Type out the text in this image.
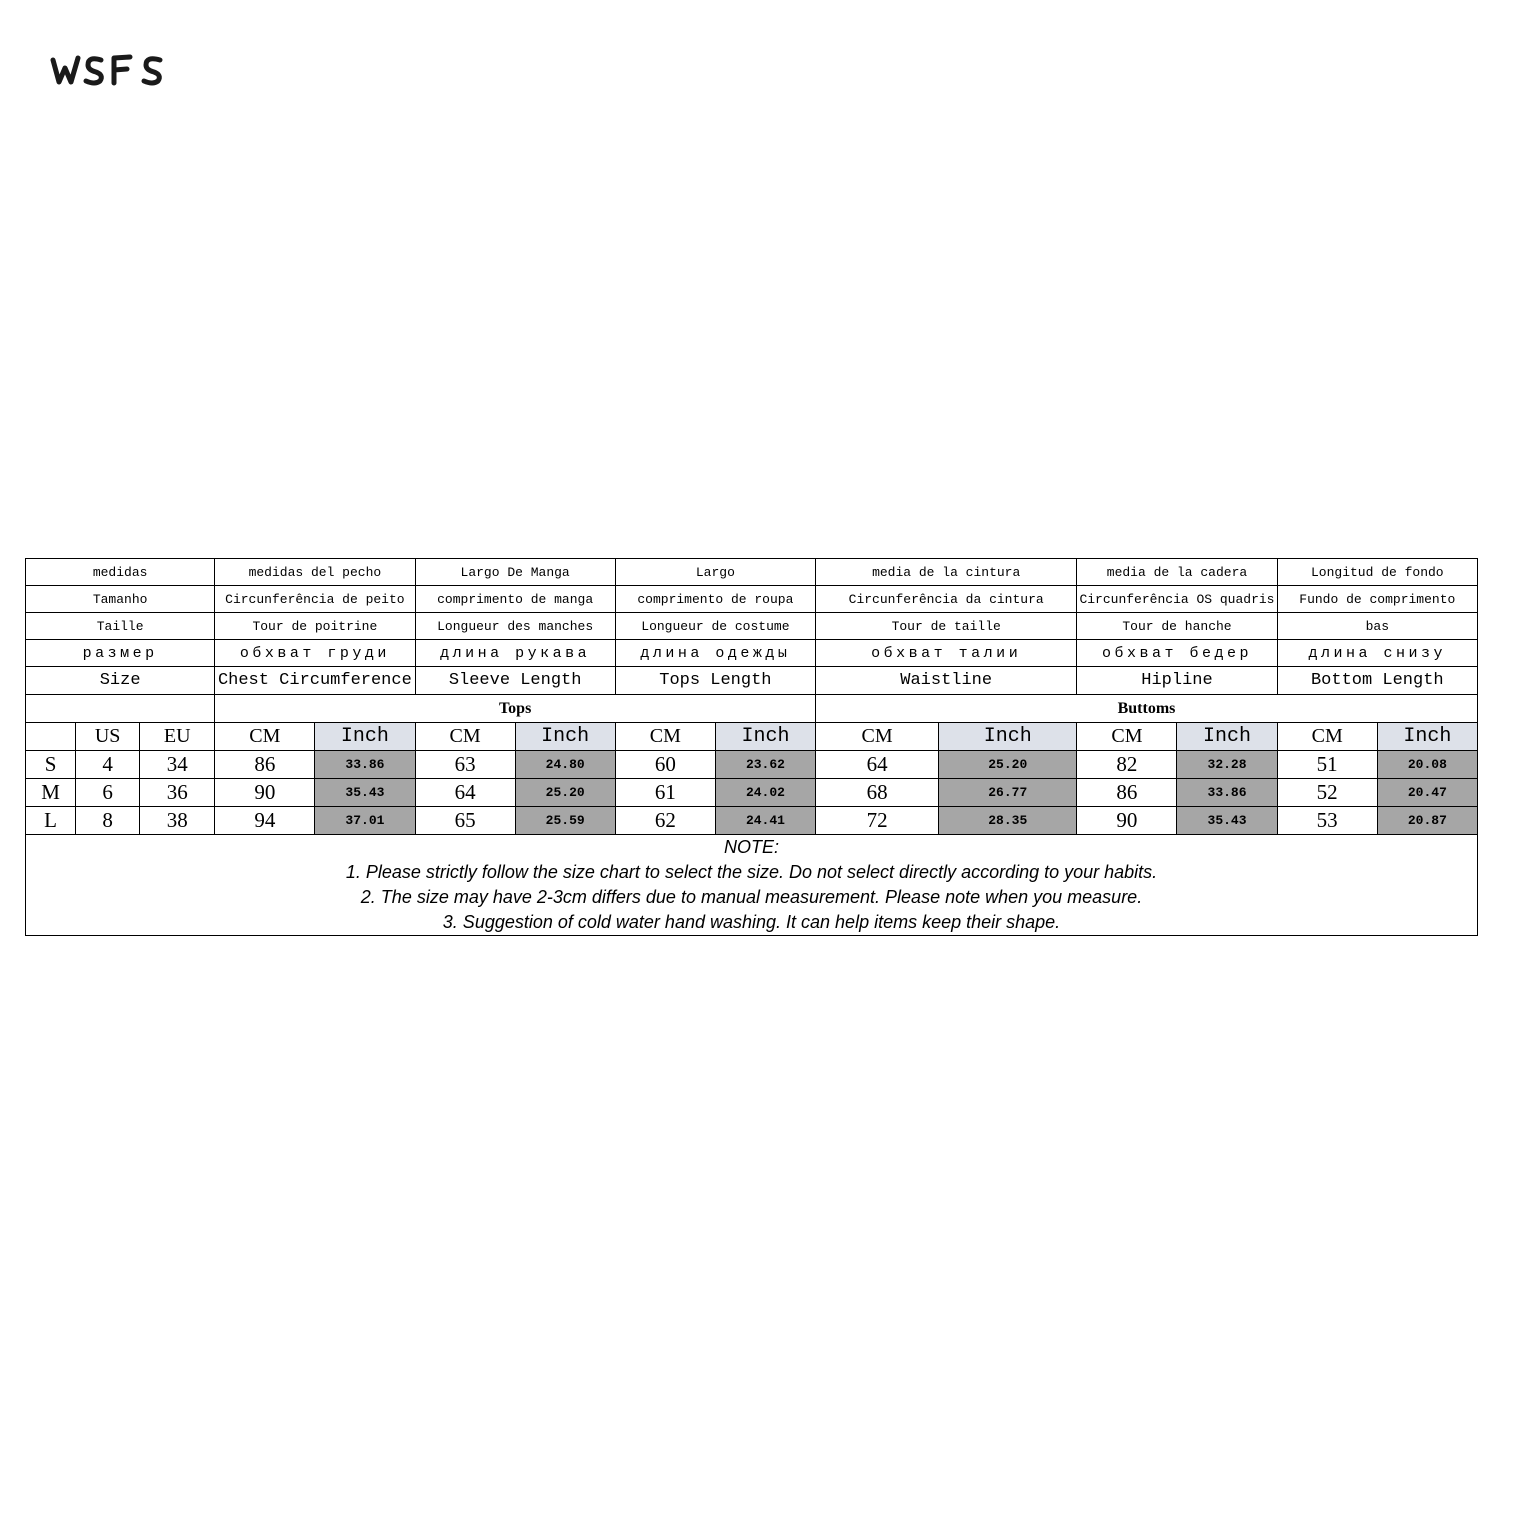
medidas			medidas del pecho		Largo De Manga		Largo		media de la cintura		media de la cadera		Longitud de fondo	
Tamanho			Circunferência de peito		comprimento de manga		comprimento de roupa		Circunferência da cintura		Circunferência OS quadris		Fundo de comprimento	
Taille			Tour de poitrine		Longueur des manches		Longueur de costume		Tour de taille		Tour de hanche		bas	
размер			обхват груди		длина рукава		длина одежды		обхват талии		обхват бедер		длина снизу	
Size			Chest Circumference		Sleeve Length		Tops Length		Waistline		Hipline		Bottom Length	
			Tops						Buttoms					
	US	EU	CM	Inch	CM	Inch	CM	Inch	CM	Inch	CM	Inch	CM	Inch
S	4	34	86	33.86	63	24.80	60	23.62	64	25.20	82	32.28	51	20.08
M	6	36	90	35.43	64	25.20	61	24.02	68	26.77	86	33.86	52	20.47
L	8	38	94	37.01	65	25.59	62	24.41	72	28.35	90	35.43	53	20.87

NOTE:
1. Please strictly follow the size chart to select the size. Do not select directly according to your habits.
2. The size may have 2-3cm differs due to manual measurement. Please note when you measure.
3. Suggestion of cold water hand washing. It can help items keep their shape.														
